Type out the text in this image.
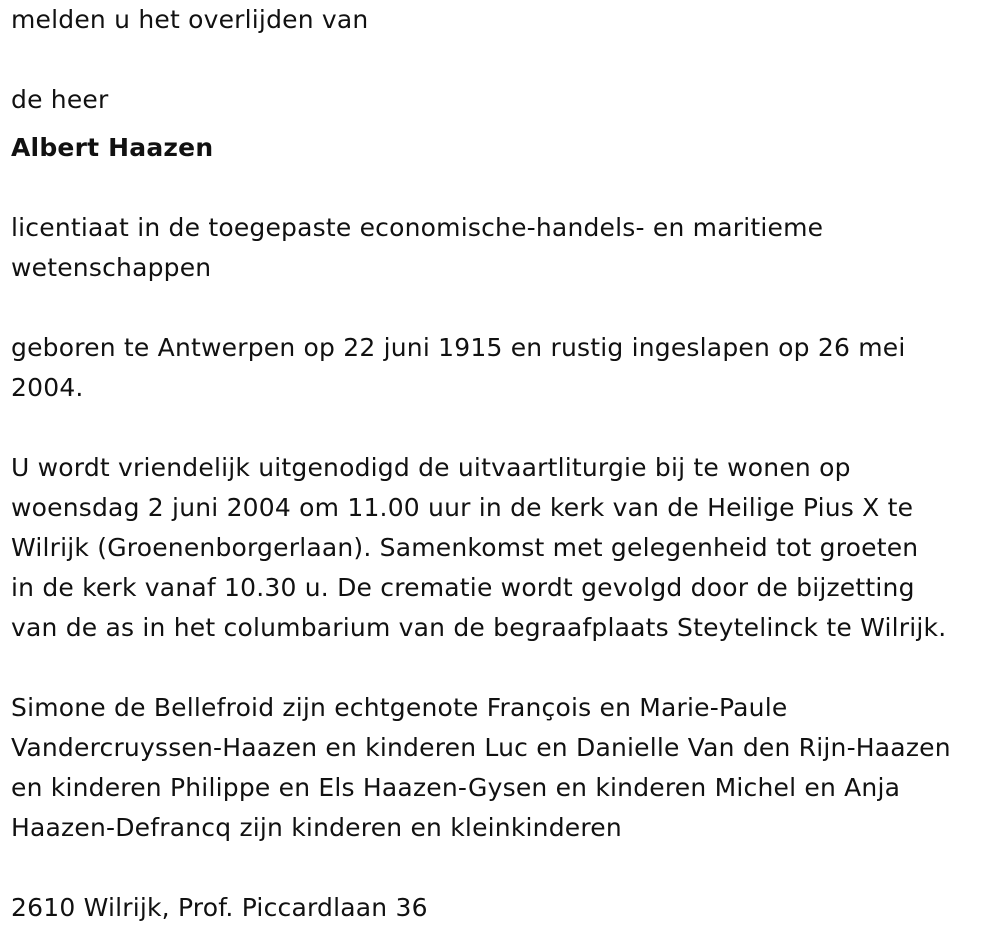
melden u het overlijden van

de heer

Albert Haazen

licentiaat in de toegepaste economische-handels- en maritieme

wetenschappen

geboren te Antwerpen op 22 juni 1915 en rustig ingeslapen op 26 mei

2004.

U wordt vriendelijk uitgenodigd de uitvaartliturgie bij te wonen op

woensdag 2 juni 2004 om 11.00 uur in de kerk van de Heilige Pius X te

Wilrijk (Groenenborgerlaan). Samenkomst met gelegenheid tot groeten

in de kerk vanaf 10.30 u. De crematie wordt gevolgd door de bijzetting

van de as in het columbarium van de begraafplaats Steytelinck te Wilrijk.

Simone de Bellefroid zijn echtgenote François en Marie-Paule

Vandercruyssen-Haazen en kinderen Luc en Danielle Van den Rijn-Haazen

en kinderen Philippe en Els Haazen-Gysen en kinderen Michel en Anja

Haazen-Defrancq zijn kinderen en kleinkinderen

2610 Wilrijk, Prof. Piccardlaan 36
